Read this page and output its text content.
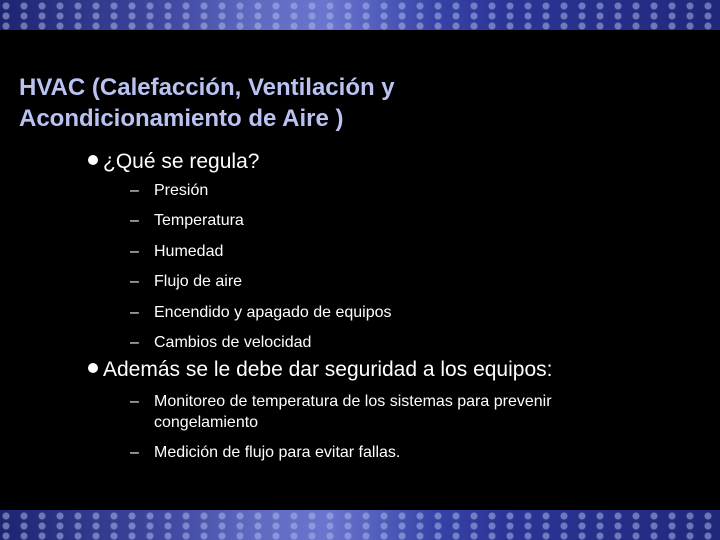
HVAC (Calefacción, Ventilación y
Acondicionamiento de Aire )
¿Qué se regula?
– Presión
– Temperatura
– Humedad
– Flujo de aire
– Encendido y apagado de equipos
– Cambios de velocidad
Además se le debe dar seguridad a los equipos:
– Monitoreo de temperatura de los sistemas para prevenir congelamiento
– Medición de flujo para evitar fallas.
